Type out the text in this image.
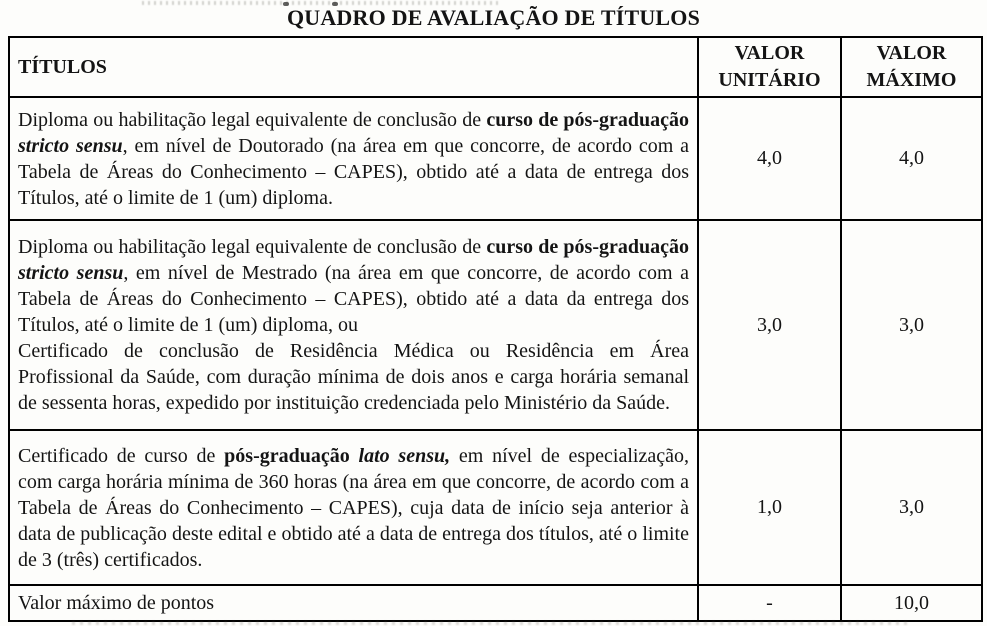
QUADRO DE AVALIAÇÃO DE TÍTULOS
TÍTULOS	VALOR UNITÁRIO	VALOR MÁXIMO

Diploma ou habilitação legal equivalente de conclusão de curso de pós-graduação stricto sensu, em nível de Doutorado (na área em que concorre, de acordo com a Tabela de Áreas do Conhecimento – CAPES), obtido até a data de entrega dos Títulos, até o limite de 1 (um) diploma.	4,0	4,0

Diploma ou habilitação legal equivalente de conclusão de curso de pós-graduação stricto sensu, em nível de Mestrado (na área em que concorre, de acordo com a Tabela de Áreas do Conhecimento – CAPES), obtido até a data da entrega dos Títulos, até o limite de 1 (um) diploma, ou

Certificado de conclusão de Residência Médica ou Residência em Área Profissional da Saúde, com duração mínima de dois anos e carga horária semanal de sessenta horas, expedido por instituição credenciada pelo Ministério da Saúde.	3,0	3,0

Certificado de curso de pós-graduação lato sensu, em nível de especialização, com carga horária mínima de 360 horas (na área em que concorre, de acordo com a Tabela de Áreas do Conhecimento – CAPES), cuja data de início seja anterior à data de publicação deste edital e obtido até a data de entrega dos títulos, até o limite de 3 (três) certificados.	1,0	3,0

Valor máximo de pontos	-	10,0
